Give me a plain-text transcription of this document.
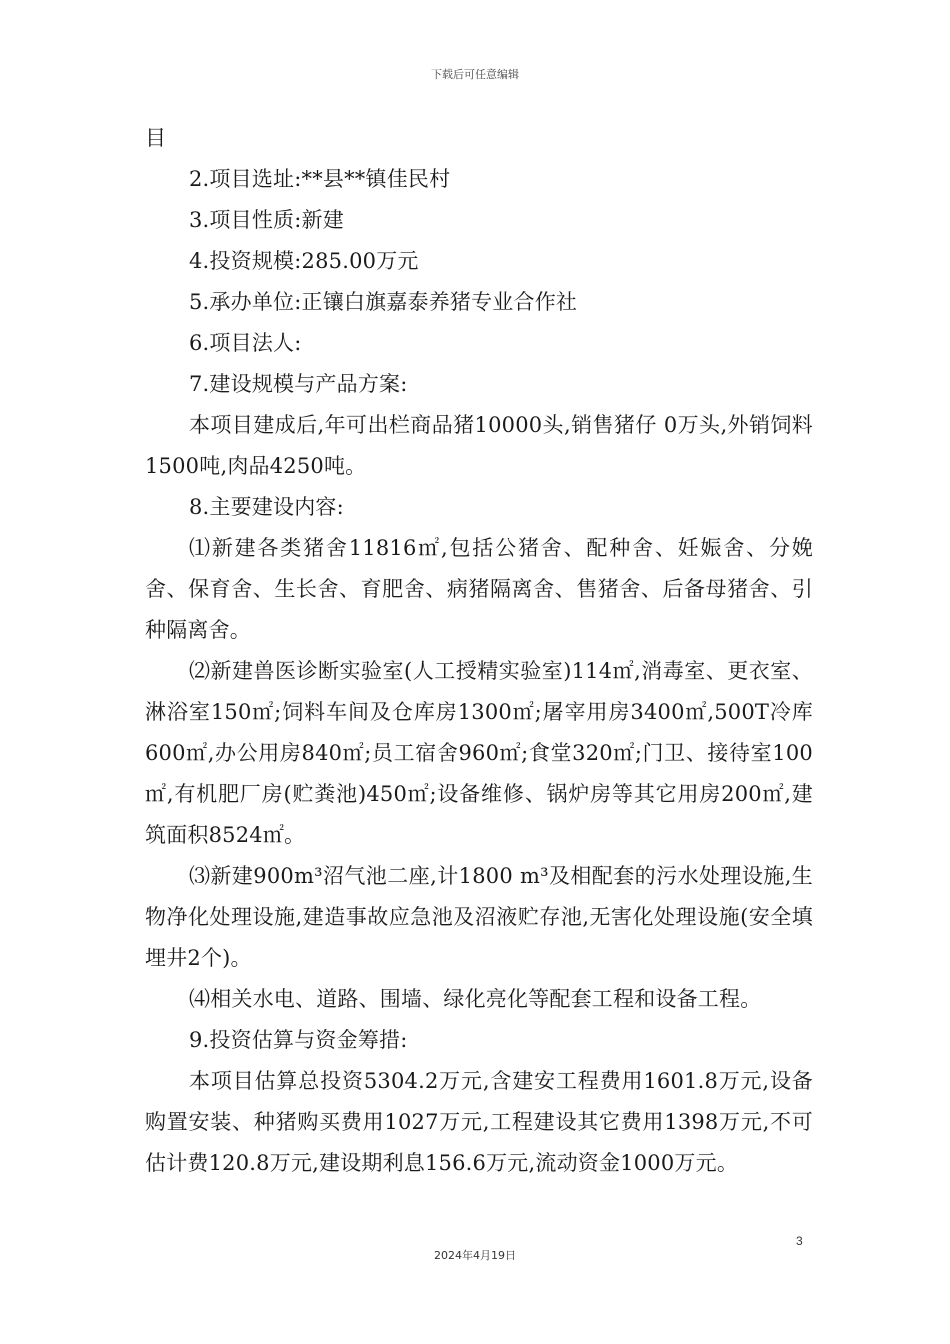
下载后可任意编辑

目

2.项目选址:**县**镇佳民村

3.项目性质:新建

4.投资规模:285.00万元

5.承办单位:正镶白旗嘉泰养猪专业合作社

6.项目法人:

7.建设规模与产品方案:

本项目建成后,年可出栏商品猪10000头,销售猪仔 0万头,外销饲料1500吨,肉品4250吨。

8.主要建设内容:

⑴新建各类猪舍11816㎡,包括公猪舍、配种舍、妊娠舍、分娩舍、保育舍、生长舍、育肥舍、病猪隔离舍、售猪舍、后备母猪舍、引种隔离舍。

⑵新建兽医诊断实验室(人工授精实验室)114㎡,消毒室、更衣室、淋浴室150㎡;饲料车间及仓库房1300㎡;屠宰用房3400㎡,500T冷库600㎡,办公用房840㎡;员工宿舍960㎡;食堂320㎡;门卫、接待室100㎡,有机肥厂房(贮粪池)450㎡;设备维修、锅炉房等其它用房200㎡,建筑面积8524㎡。

⑶新建900m³沼气池二座,计1800 m³及相配套的污水处理设施,生物净化处理设施,建造事故应急池及沼液贮存池,无害化处理设施(安全填埋井2个)。

⑷相关水电、道路、围墙、绿化亮化等配套工程和设备工程。

9.投资估算与资金筹措:

本项目估算总投资5304.2万元,含建安工程费用1601.8万元,设备购置安装、种猪购买费用1027万元,工程建设其它费用1398万元,不可估计费120.8万元,建设期利息156.6万元,流动资金1000万元。

3
2024年4月19日
